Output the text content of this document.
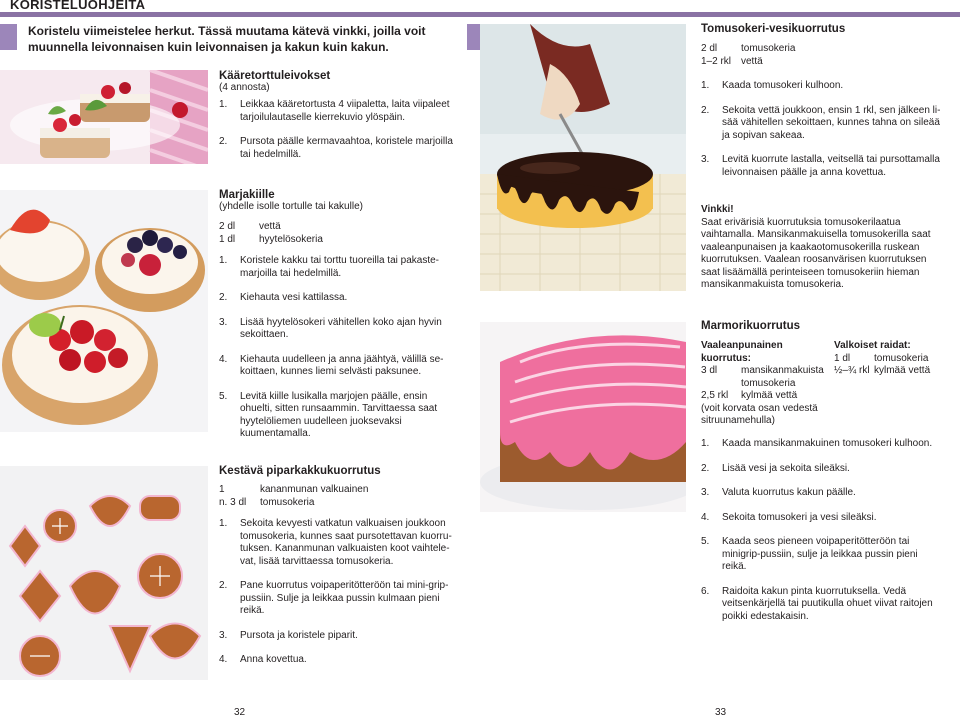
KORISTELUOHJEITA
Koristelu viimeistelee herkut. Tässä muutama kätevä vinkki, joilla voit muunnella leivonnaisen kuin leivonnaisen ja kakun kuin kakun.
Kääretorttuleivokset
(4 annosta)
1. Leikkaa kääretortusta 4 viipaletta, laita viipaleet tarjoilulautaselle kierrekuvio ylöspäin.
2. Pursota päälle kermavaahtoa, koristele marjoilla tai hedelmillä.
Marjakiille
(yhdelle isolle tortulle tai kakulle)
2 dl	vettä
1 dl	hyytelösokeria
1. Koristele kakku tai torttu tuoreilla tai pakastemarjoilla tai hedelmillä.
2. Kiehauta vesi kattilassa.
3. Lisää hyytelösokeri vähitellen koko ajan hyvin sekoittaen.
4. Kiehauta uudelleen ja anna jäähtyä, välillä sekoittaen, kunnes liemi selvästi paksunee.
5. Levitä kiille lusikalla marjojen päälle, ensin ohuelti, sitten runsaammin. Tarvittaessa saat hyytelöliemen uudelleen juoksevaksi kuumentamalla.
Kestävä piparkakkukuorrutus
1	kananmunan valkuainen
n. 3 dl	tomusokeria
1. Sekoita kevyesti vatkatun valkuaisen joukkoon tomusokeria, kunnes saat pursotettavan kuorrutuksen. Kananmunan valkuaisten koot vaihtelevat, lisää tarvittaessa tomusokeria.
2. Pane kuorrutus voipaperitötteröön tai mini-grippussiin. Sulje ja leikkaa pussin kulmaan pieni reikä.
3. Pursota ja koristele piparit.
4. Anna kovettua.
32
Tomusokeri-vesikuorrutus
2 dl	tomusokeria
1–2 rkl vettä
1. Kaada tomusokeri kulhoon.
2. Sekoita vettä joukkoon, ensin 1 rkl, sen jälkeen lisää vähitellen sekoittaen, kunnes tahna on sileää ja sopivan sakeaa.
3. Levitä kuorrute lastalla, veitsellä tai pursottamalla leivonnaisen päälle ja anna kovettua.
Vinkki!
Saat erivärisiä kuorrutuksia tomusokerilaatua vaihtamalla. Mansikanmakuisella tomusokerilla saat vaaleanpunaisen ja kaakaotomusokerilla ruskean kuorrutuksen. Vaalean roosanvärisen kuorrutuksen saat lisäämällä perinteiseen tomusokeriin hieman mansikanmakuista tomusokeria.
Marmorikuorrutus
Vaaleanpunainen kuorrutus:
3 dl	mansikanmakuista tomusokeria
2,5 rkl	kylmää vettä
(voit korvata osan vedestä sitruunamehulla)
Valkoiset raidat:
1 dl	tomusokeria
½–¾ rkl kylmää vettä
1. Kaada mansikanmakuinen tomusokeri kulhoon.
2. Lisää vesi ja sekoita sileäksi.
3. Valuta kuorrutus kakun päälle.
4. Sekoita tomusokeri ja vesi sileäksi.
5. Kaada seos pieneen voipaperitötteröön tai minigrip-pussiin, sulje ja leikkaa pussin pieni reikä.
6. Raidoita kakun pinta kuorrutuksella. Vedä veitsenkärjellä tai puutikulla ohuet viivat raitojen poikki edestakaisin.
33
